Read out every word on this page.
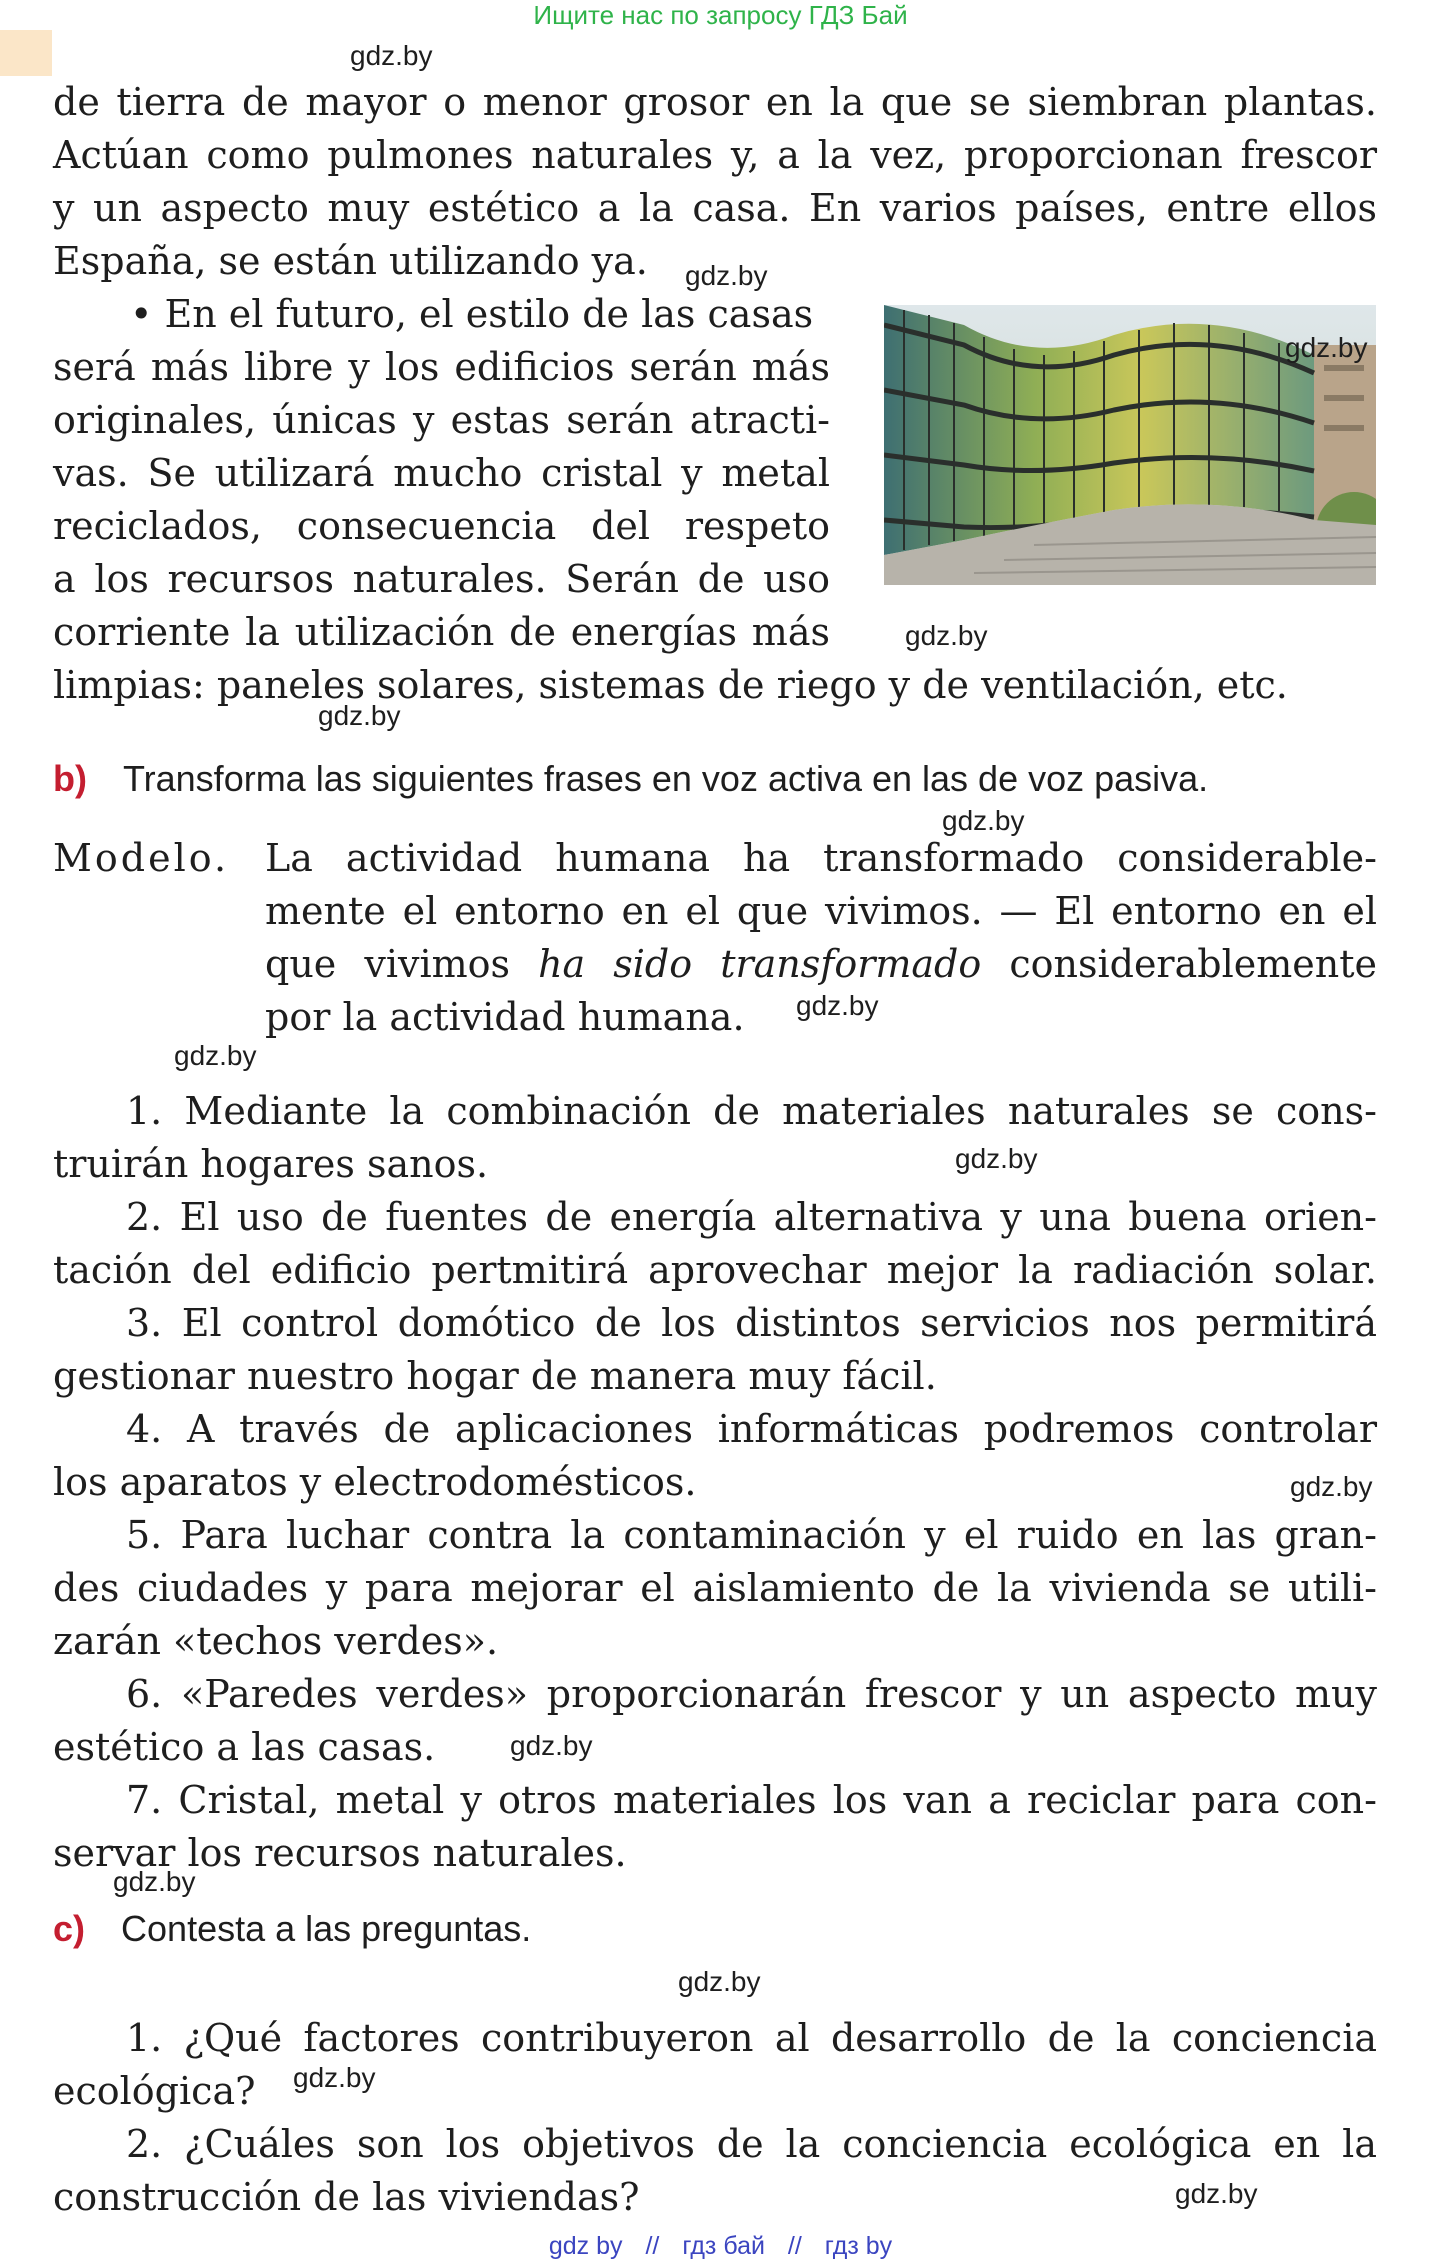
Ищите нас по запросу ГДЗ Бай
de tierra de mayor o menor grosor en la que se siembran plantas.
Actúan como pulmones naturales y, a la vez, proporcionan frescor
y un aspecto muy estético a la casa. En varios países, entre ellos
España, se están utilizando ya.
• En el futuro, el estilo de las casas
será más libre y los edificios serán más
originales, únicas y estas serán atracti-
vas. Se utilizará mucho cristal y metal
reciclados, consecuencia del respeto
a los recursos naturales. Serán de uso
corriente la utilización de energías más
limpias: paneles solares, sistemas de riego y de ventilación, etc.
b) Transforma las siguientes frases en voz activa en las de voz pasiva.
Modelo. La actividad humana ha transformado considerable-
mente el entorno en el que vivimos. — El entorno en el
que vivimos ha sido transformado considerablemente
por la actividad humana.
1. Mediante la combinación de materiales naturales se cons-
truirán hogares sanos.
2. El uso de fuentes de energía alternativa y una buena orien-
tación del edificio pertmitirá aprovechar mejor la radiación solar.
3. El control domótico de los distintos servicios nos permitirá
gestionar nuestro hogar de manera muy fácil.
4. A través de aplicaciones informáticas podremos controlar
los aparatos y electrodomésticos.
5. Para luchar contra la contaminación y el ruido en las gran-
des ciudades y para mejorar el aislamiento de la vivienda se utili-
zarán «techos verdes».
6. «Paredes verdes» proporcionarán frescor y un aspecto muy
estético a las casas.
7. Cristal, metal y otros materiales los van a reciclar para con-
servar los recursos naturales.
c) Contesta a las preguntas.
1. ¿Qué factores contribuyeron al desarrollo de la conciencia
ecológica?
2. ¿Cuáles son los objetivos de la conciencia ecológica en la
construcción de las viviendas?
gdz.by
gdz.by
gdz.by
gdz.by
gdz.by
gdz.by
gdz.by
gdz.by
gdz.by
gdz.by
gdz.by
gdz.by
gdz.by
gdz.by
gdz.by
gdz by // гдз бай // гдз by
